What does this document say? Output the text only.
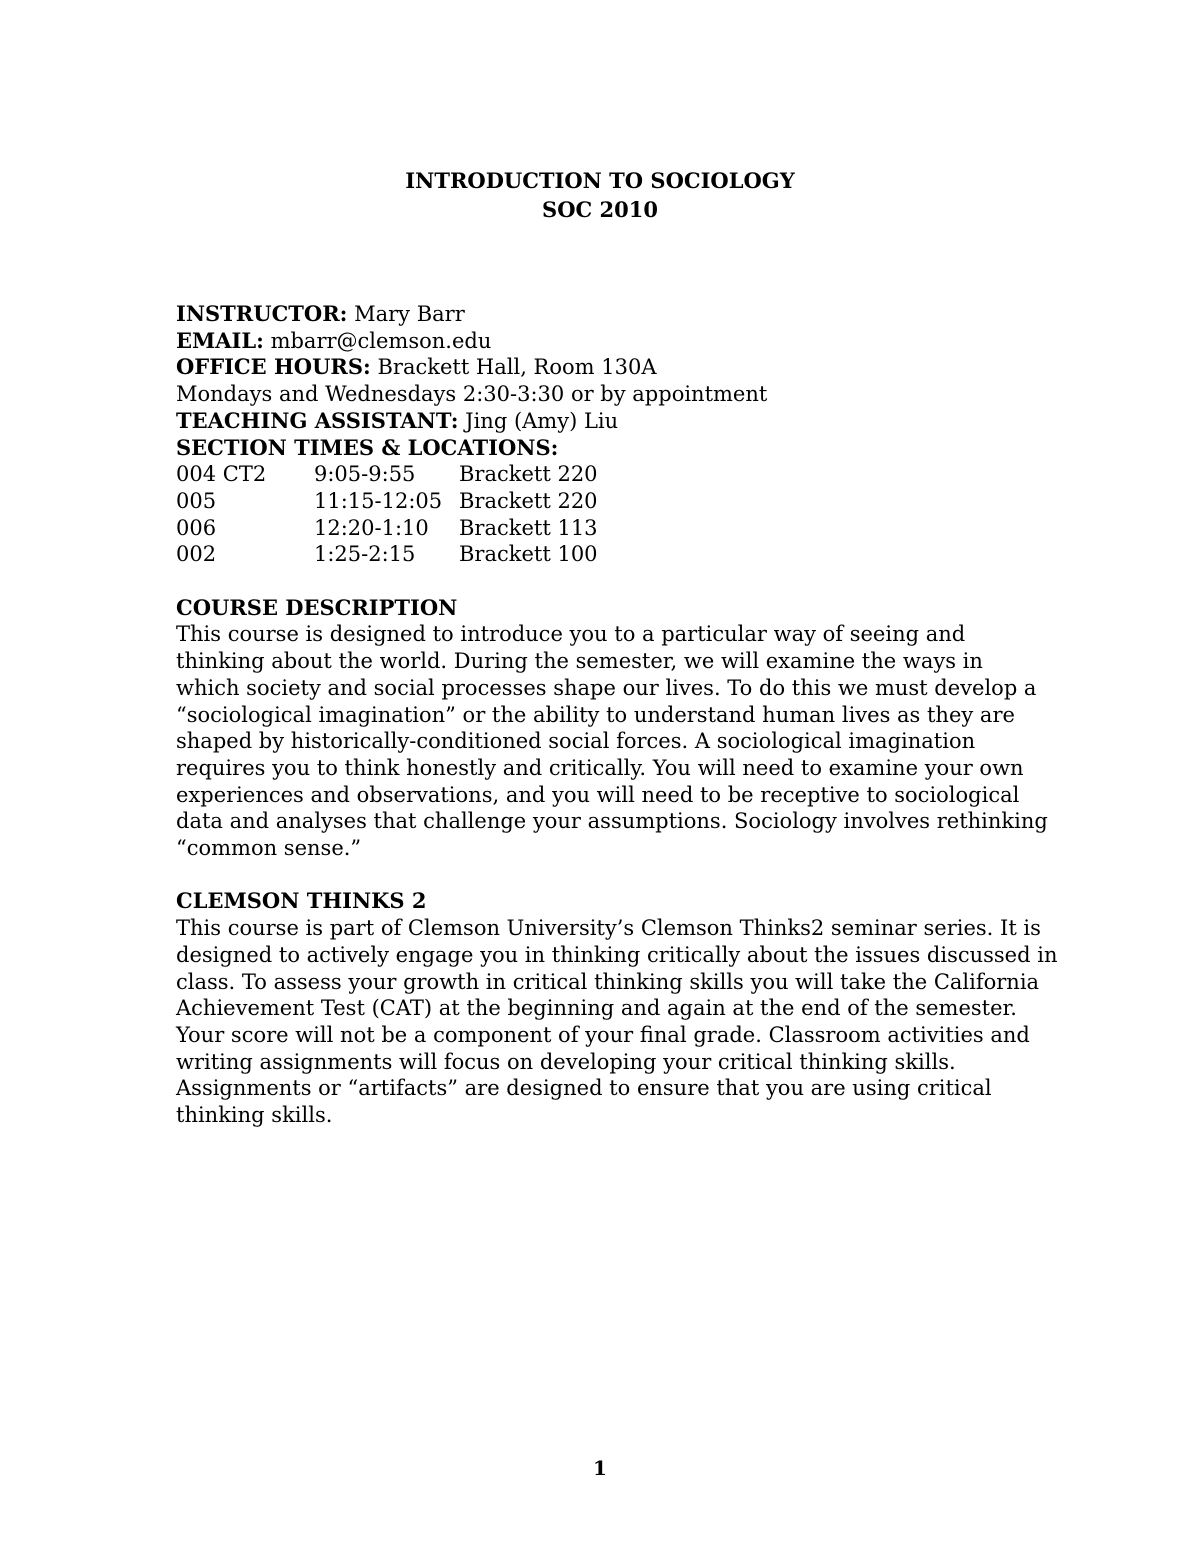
INTRODUCTION TO SOCIOLOGY
SOC 2010
INSTRUCTOR: Mary Barr
EMAIL: mbarr@clemson.edu
OFFICE HOURS: Brackett Hall, Room 130A
Mondays and Wednesdays 2:30-3:30 or by appointment
TEACHING ASSISTANT: Jing (Amy) Liu
SECTION TIMES & LOCATIONS:
004 CT2	9:05-9:55	Brackett 220
005	11:15-12:05 Brackett 220
006	12:20-1:10	Brackett 113
002	1:25-2:15	Brackett 100
COURSE DESCRIPTION
This course is designed to introduce you to a particular way of seeing and
thinking about the world. During the semester, we will examine the ways in
which society and social processes shape our lives. To do this we must develop a
“sociological imagination” or the ability to understand human lives as they are
shaped by historically-conditioned social forces. A sociological imagination
requires you to think honestly and critically. You will need to examine your own
experiences and observations, and you will need to be receptive to sociological
data and analyses that challenge your assumptions. Sociology involves rethinking
“common sense.”
CLEMSON THINKS 2
This course is part of Clemson University’s Clemson Thinks2 seminar series. It is
designed to actively engage you in thinking critically about the issues discussed in
class. To assess your growth in critical thinking skills you will take the California
Achievement Test (CAT) at the beginning and again at the end of the semester.
Your score will not be a component of your final grade. Classroom activities and
writing assignments will focus on developing your critical thinking skills.
Assignments or “artifacts” are designed to ensure that you are using critical
thinking skills.
1
